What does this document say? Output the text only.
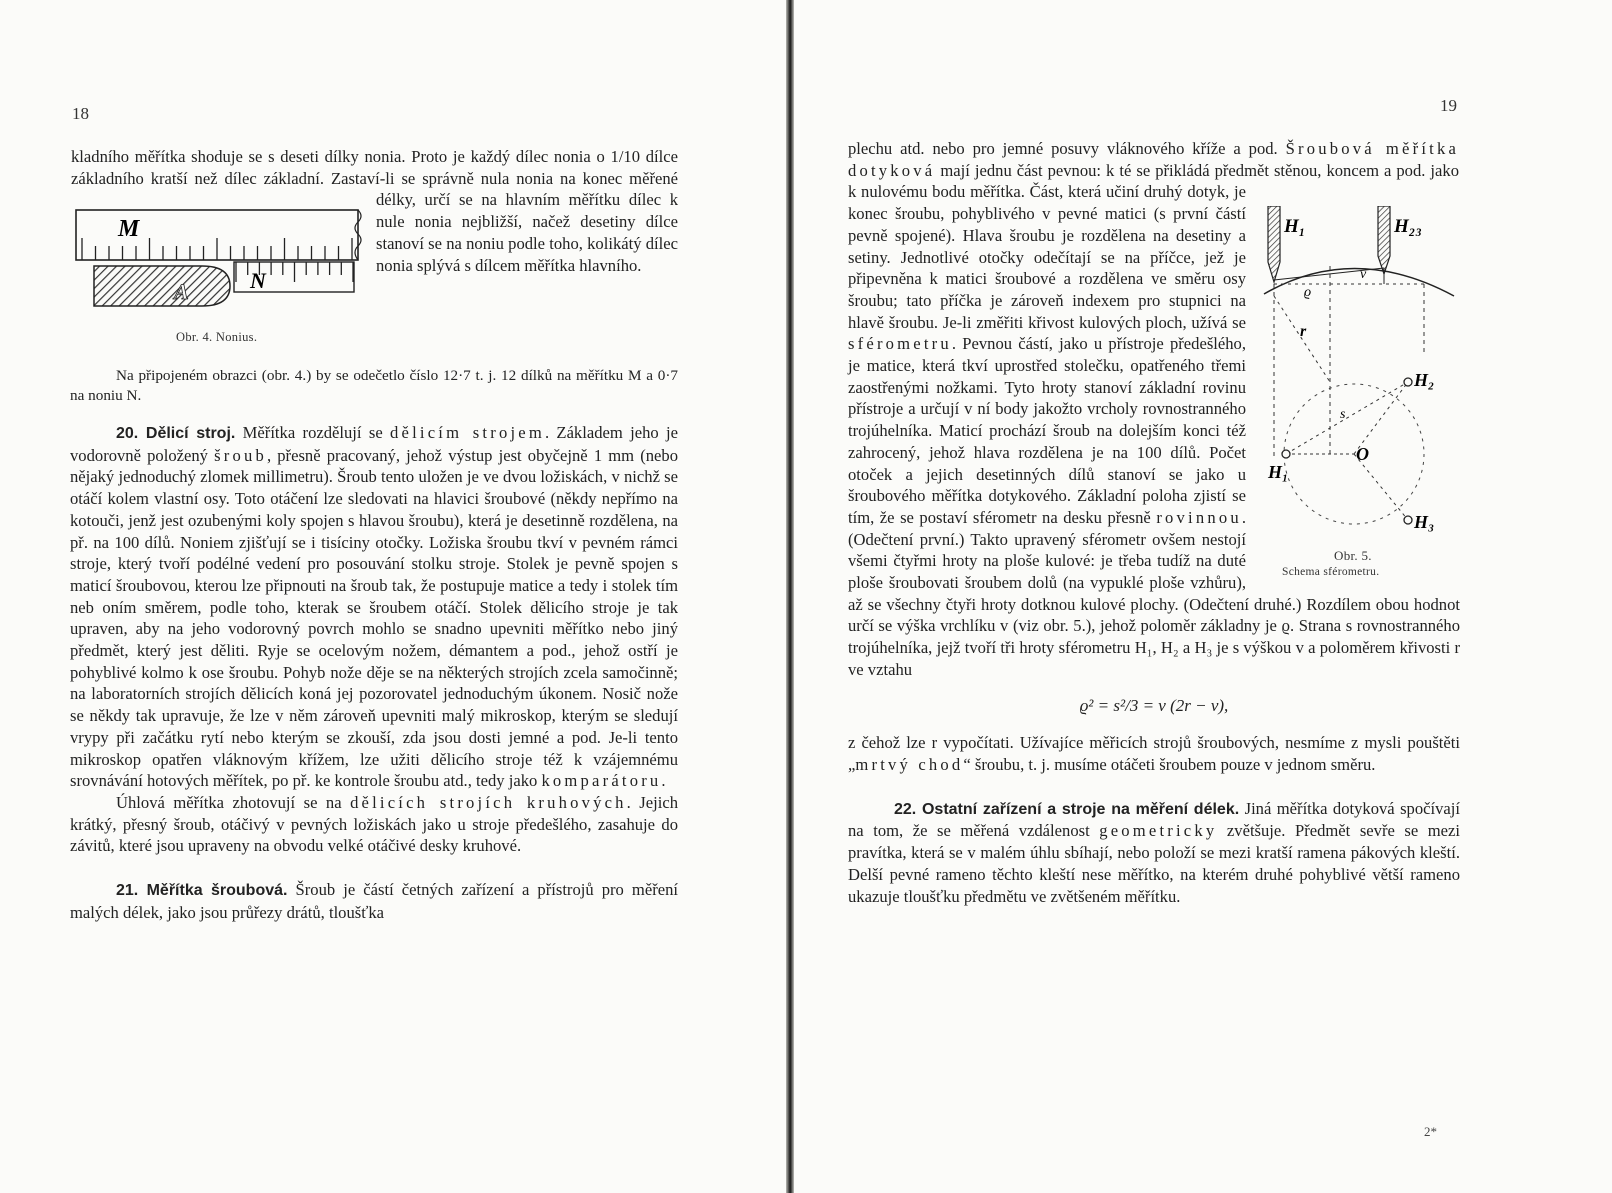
18

kladního měřítka shoduje se s deseti dílky nonia. Proto je každý dílec nonia o 1/10 dílce základního kratší než dílec základní. Zastaví-li se správně nula nonia na konec měřené délky, určí se na hlavním měřítku dílec k nule nonia nejbližší, načež desetiny dílce stanoví se na noniu podle toho, kolikátý dílec nonia splývá s dílcem měřítka hlavního.

M
A	N
Obr. 4. Nonius.

Na připojeném obrazci (obr. 4.) by se odečetlo číslo 12·7 t. j. 12 dílků na měřítku M a 0·7 na noniu N.

20. Dělicí stroj. Měřítka rozdělují se dělicím strojem. Základem jeho je vodorovně položený šroub, přesně pracovaný, jehož výstup jest obyčejně 1 mm (nebo nějaký jednoduchý zlomek millimetru). Šroub tento uložen je ve dvou ložiskách, v nichž se otáčí kolem vlastní osy. Toto otáčení lze sledovati na hlavici šroubové (někdy nepřímo na kotouči, jenž jest ozubenými koly spojen s hlavou šroubu), která je desetinně rozdělena, na př. na 100 dílů. Noniem zjišťují se i tisíciny otočky. Ložiska šroubu tkví v pevném rámci stroje, který tvoří podélné vedení pro posouvání stolku stroje. Stolek je pevně spojen s maticí šroubovou, kterou lze připnouti na šroub tak, že postupuje matice a tedy i stolek tím neb oním směrem, podle toho, kterak se šroubem otáčí. Stolek dělicího stroje je tak upraven, aby na jeho vodorovný povrch mohlo se snadno upevniti měřítko nebo jiný předmět, který jest děliti. Ryje se ocelovým nožem, démantem a pod., jehož ostří je pohyblivé kolmo k ose šroubu. Pohyb nože děje se na některých strojích zcela samočinně; na laboratorních strojích dělicích koná jej pozorovatel jednoduchým úkonem. Nosič nože se někdy tak upravuje, že lze v něm zároveň upevniti malý mikroskop, kterým se sledují vrypy při začátku rytí nebo kterým se zkouší, zda jsou dosti jemné a pod. Je-li tento mikroskop opatřen vláknovým křížem, lze užiti dělicího stroje též k vzájemnému srovnávání hotových měřítek, po př. ke kontrole šroubu atd., tedy jako komparátoru.

Úhlová měřítka zhotovují se na dělicích strojích kruhových. Jejich krátký, přesný šroub, otáčivý v pevných ložiskách jako u stroje předešlého, zasahuje do závitů, které jsou upraveny na obvodu velké otáčivé desky kruhové.

21. Měřítka šroubová. Šroub je částí četných zařízení a přístrojů pro měření malých délek, jako jsou průřezy drátů, tloušťka

19

plechu atd. nebo pro jemné posuvy vláknového kříže a pod. Šroubová měřítka dotyková mají jednu část pevnou: k té se přikládá předmět stěnou, koncem a pod. jako k nulovému bodu měřítka. Část, která učiní druhý dotyk, je konec šroubu, pohyblivého v pevné matici (s první částí pevně spojené). Hlava šroubu je rozdělena na desetiny a setiny. Jednotlivé otočky odečítají se na příčce, jež je připevněna k matici šroubové a rozdělena ve směru osy šroubu; tato příčka je zároveň indexem pro stupnici na hlavě šroubu. Je-li změřiti křivost kulových ploch, užívá se sférometru. Pevnou částí, jako u přístroje předešlého, je matice, která tkví uprostřed stolečku, opatřeného třemi zaostřenými nožkami. Tyto hroty stanoví základní rovinu přístroje a určují v ní body jakožto vrcholy rovnostranného trojúhelníka. Maticí prochází šroub na dolejším konci též zahrocený, jehož hlava rozdělena je na 100 dílů. Počet otoček a jejich desetinných dílů stanoví se jako u šroubového měřítka dotykového. Základní poloha zjistí se tím, že se postaví sférometr na desku přesně rovinnou. (Odečtení první.) Takto upravený sférometr ovšem nestojí všemi čtyřmi hroty na ploše kulové: je třeba tudíž na duté ploše šroubovati šroubem dolů (na vypuklé ploše vzhůru), až se všechny čtyři hroty dotknou kulové plochy. (Odečtení druhé.) Rozdílem obou hodnot určí se výška vrchlíku v (viz obr. 5.), jehož poloměr základny je ϱ. Strana s rovnostranného trojúhelníka, jejž tvoří tři hroty sférometru H₁, H₂ a H₃ je s výškou v a poloměrem křivosti r ve vztahu

ϱ² = s²/3 = v (2r − v),

z čehož lze r vypočítati. Užívajíce měřicích strojů šroubových, nesmíme z mysli pouštěti „mrtvý chod“ šroubu, t. j. musíme otáčeti šroubem pouze v jednom směru.

22. Ostatní zařízení a stroje na měření délek. Jiná měřítka dotyková spočívají na tom, že se měřená vzdálenost geometricky zvětšuje. Předmět sevře se mezi pravítka, která se v malém úhlu sbíhají, nebo položí se mezi kratší ramena pákových kleští. Delší pevné rameno těchto kleští nese měřítko, na kterém druhé pohyblivé větší rameno ukazuje tloušťku předmětu ve zvětšeném měřítku.

H₁	H₂₃
v
ϱ
r
H₂
s
O
H₁
H₃
Obr. 5.
Schema sférometru.
2*
